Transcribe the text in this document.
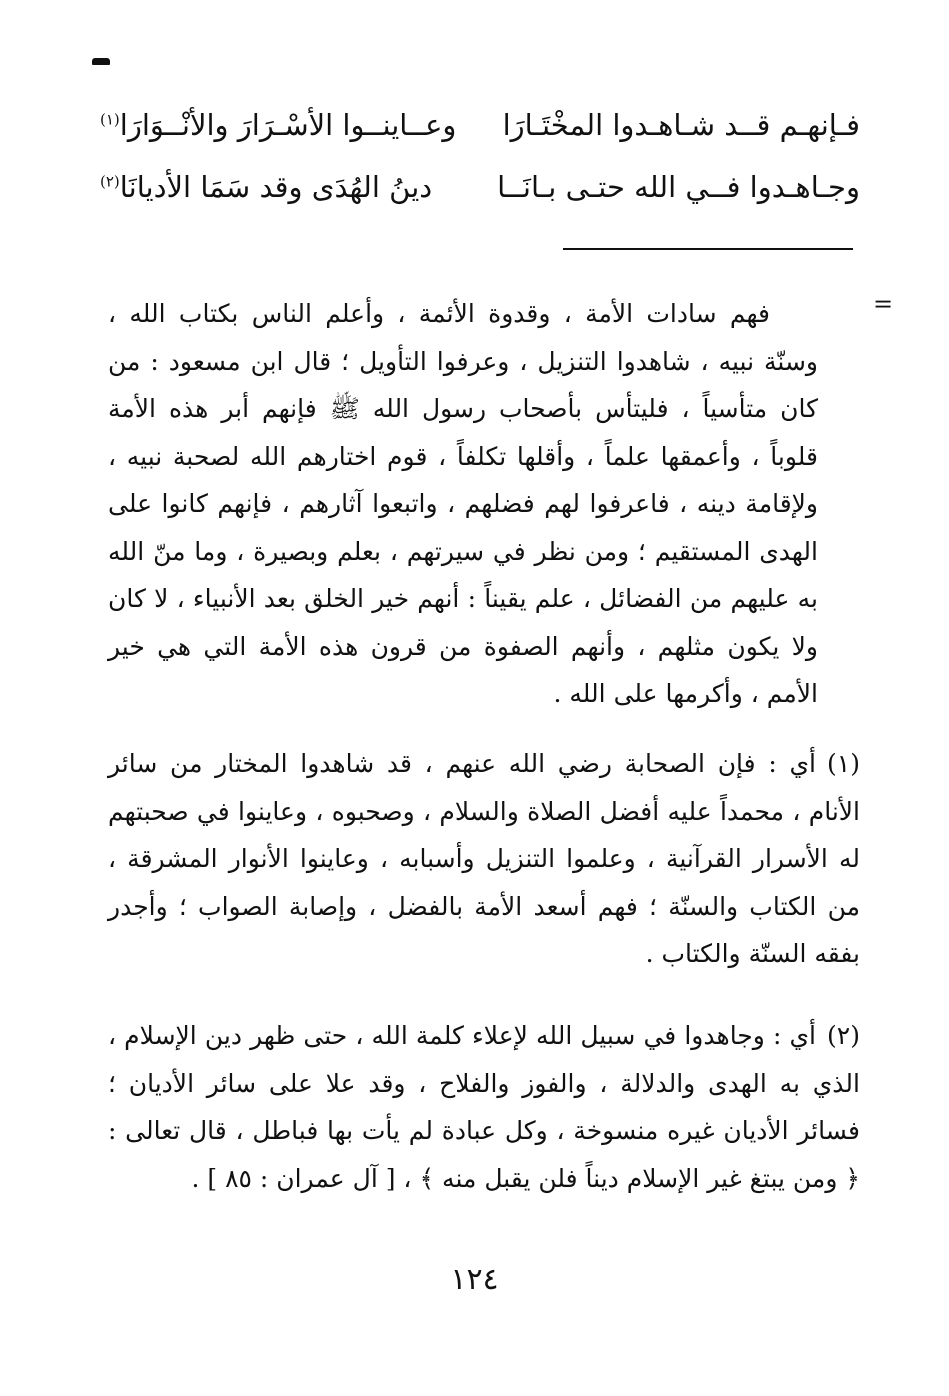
فـإنهـم قــد شـاهـدوا المخْتَـارَا
وعــاينــوا الأسْـرَارَ والأنْــوَارَا$^{(١)}$
وجـاهـدوا فــي الله حتـى بـانَــا
دينُ الهُدَى وقد سَمَا الأديانَا$^{(٢)}$
=

فهم سادات الأمة ، وقدوة الأئمة ، وأعلم الناس بكتاب الله ، وسنّة نبيه ، شاهدوا التنزيل ، وعرفوا التأويل ؛ قال ابن مسعود : من كان متأسياً ، فليتأس بأصحاب رسول الله ﷺ فإنهم أبر هذه الأمة قلوباً ، وأعمقها علماً ، وأقلها تكلفاً ، قوم اختارهم الله لصحبة نبيه ، ولإقامة دينه ، فاعرفوا لهم فضلهم ، واتبعوا آثارهم ، فإنهم كانوا على الهدى المستقيم ؛ ومن نظر في سيرتهم ، بعلم وبصيرة ، وما منّ الله به عليهم من الفضائل ، علم يقيناً : أنهم خير الخلق بعد الأنبياء ، لا كان ولا يكون مثلهم ، وأنهم الصفوة من قرون هذه الأمة التي هي خير الأمم ، وأكرمها على الله .

(١)أي : فإن الصحابة رضي الله عنهم ، قد شاهدوا المختار من سائر الأنام ، محمداً عليه أفضل الصلاة والسلام ، وصحبوه ، وعاينوا في صحبتهم له الأسرار القرآنية ، وعلموا التنزيل وأسبابه ، وعاينوا الأنوار المشرقة ، من الكتاب والسنّة ؛ فهم أسعد الأمة بالفضل ، وإصابة الصواب ؛ وأجدر بفقه السنّة والكتاب .

(٢)أي : وجاهدوا في سبيل الله لإعلاء كلمة الله ، حتى ظهر دين الإسلام ، الذي به الهدى والدلالة ، والفوز والفلاح ، وقد علا على سائر الأديان ؛ فسائر الأديان غيره منسوخة ، وكل عبادة لم يأت بها فباطل ، قال تعالى : ﴿ ومن يبتغ غير الإسلام ديناً فلن يقبل منه ﴾ ، [ آل عمران : ٨٥ ] .

١٢٤
